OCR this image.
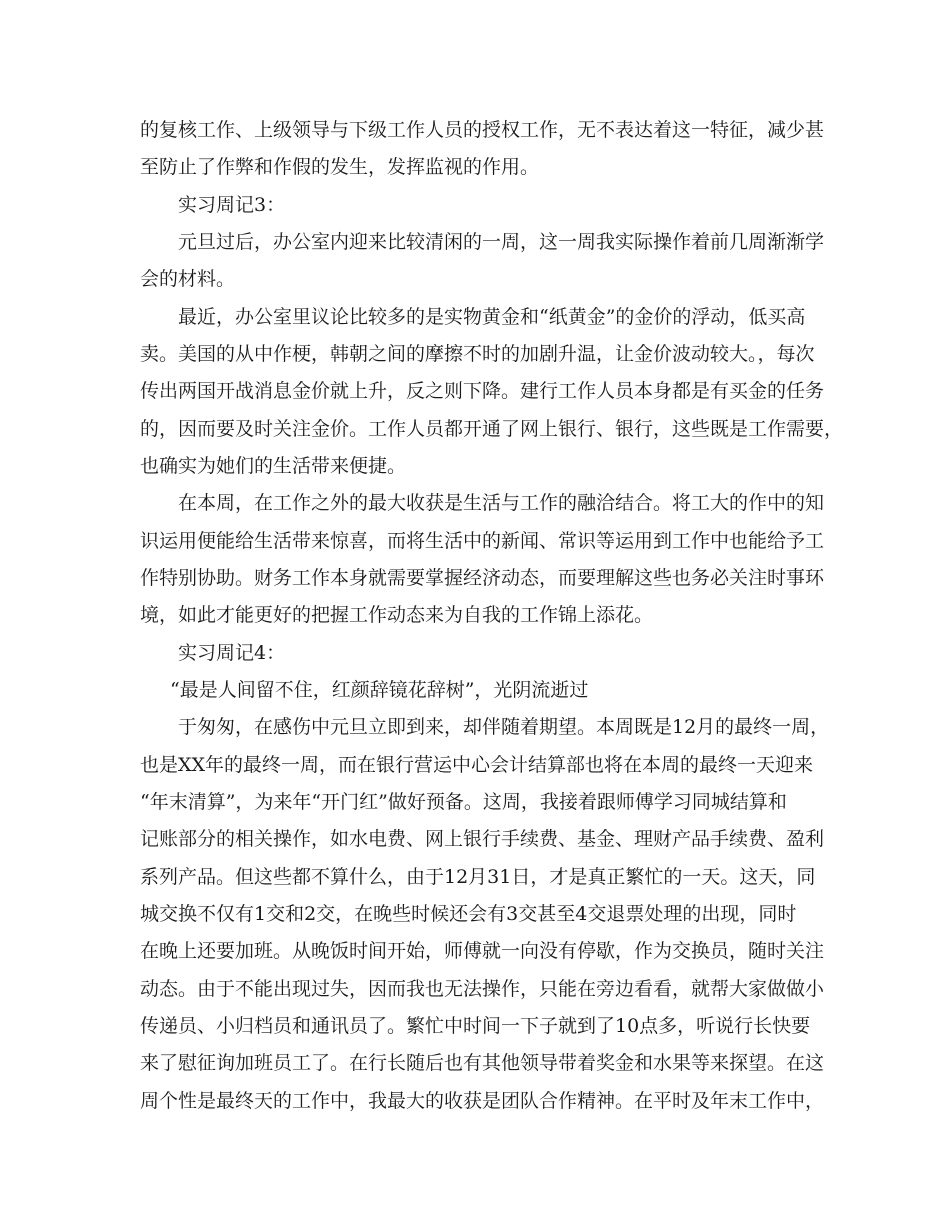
的复核工作、上级领导与下级工作人员的授权工作，无不表达着这一特征，减少甚
至防止了作弊和作假的发生，发挥监视的作用。
实习周记3：
元旦过后，办公室内迎来比较清闲的一周，这一周我实际操作着前几周渐渐学
会的材料。
最近，办公室里议论比较多的是实物黄金和“纸黄金”的金价的浮动，低买高
卖。美国的从中作梗，韩朝之间的摩擦不时的加剧升温，让金价波动较大。，每次
传出两国开战消息金价就上升，反之则下降。建行工作人员本身都是有买金的任务
的，因而要及时关注金价。工作人员都开通了网上银行、银行，这些既是工作需要，
也确实为她们的生活带来便捷。
在本周，在工作之外的最大收获是生活与工作的融洽结合。将工大的作中的知
识运用便能给生活带来惊喜，而将生活中的新闻、常识等运用到工作中也能给予工
作特别协助。财务工作本身就需要掌握经济动态，而要理解这些也务必关注时事环
境，如此才能更好的把握工作动态来为自我的工作锦上添花。
实习周记4：
“最是人间留不住，红颜辞镜花辞树”，光阴流逝过
于匆匆，在感伤中元旦立即到来，却伴随着期望。本周既是12月的最终一周，
也是XX年的最终一周，而在银行营运中心会计结算部也将在本周的最终一天迎来
“年末清算”，为来年“开门红”做好预备。这周，我接着跟师傅学习同城结算和
记账部分的相关操作，如水电费、网上银行手续费、基金、理财产品手续费、盈利
系列产品。但这些都不算什么，由于12月31日，才是真正繁忙的一天。这天，同
城交换不仅有1交和2交，在晚些时候还会有3交甚至4交退票处理的出现，同时
在晚上还要加班。从晚饭时间开始，师傅就一向没有停歇，作为交换员，随时关注
动态。由于不能出现过失，因而我也无法操作，只能在旁边看看，就帮大家做做小
传递员、小归档员和通讯员了。繁忙中时间一下子就到了10点多，听说行长快要
来了慰征询加班员工了。在行长随后也有其他领导带着奖金和水果等来探望。在这
周个性是最终天的工作中，我最大的收获是团队合作精神。在平时及年末工作中，
